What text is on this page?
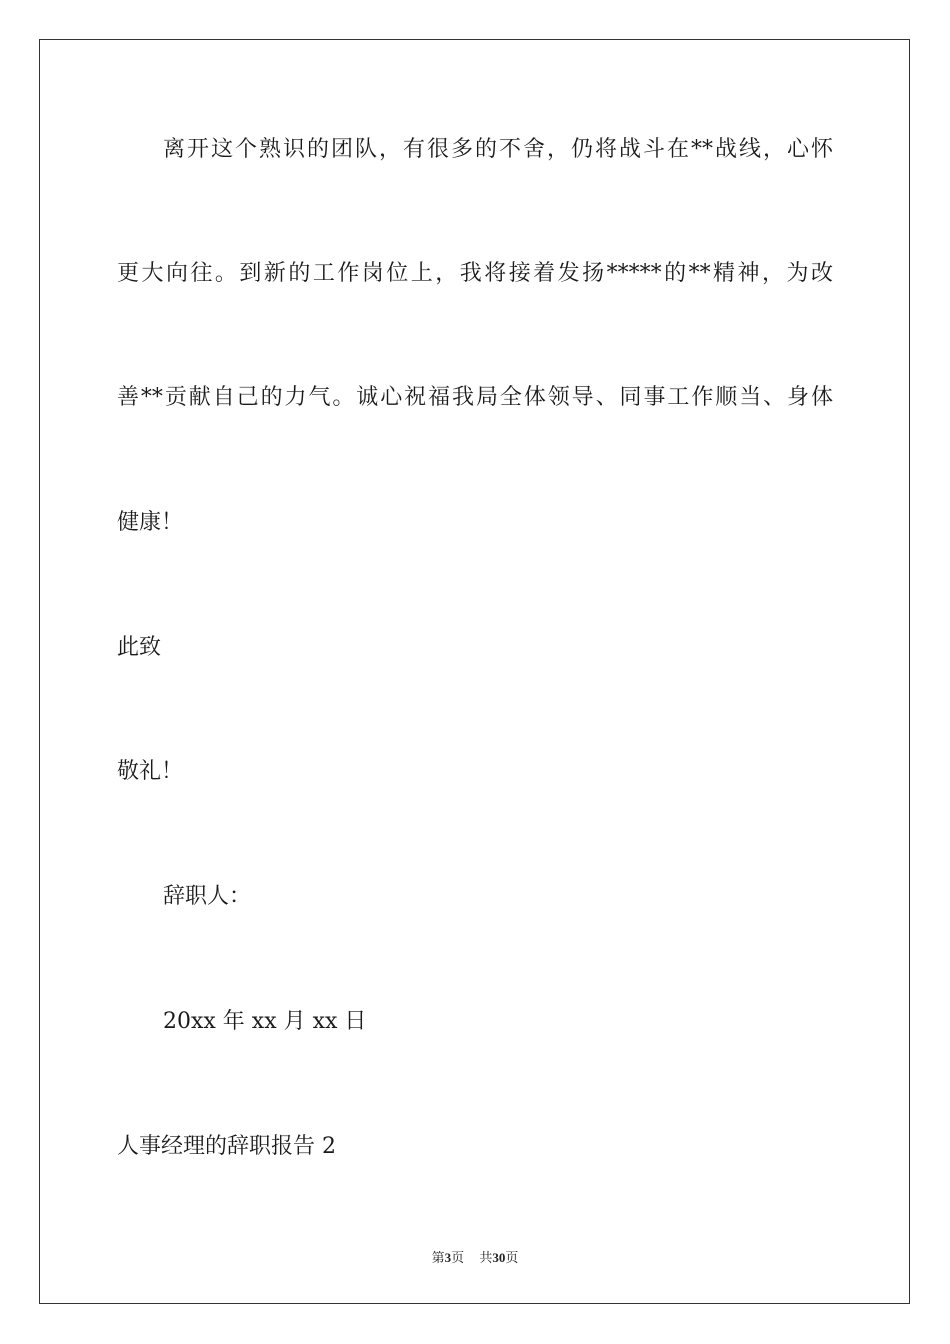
离开这个熟识的团队，有很多的不舍，仍将战斗在**战线，心怀
更大向往。到新的工作岗位上，我将接着发扬*****的**精神，为改
善**贡献自己的力气。诚心祝福我局全体领导、同事工作顺当、身体
健康！
此致
敬礼！
辞职人：
20xx 年 xx 月 xx 日
人事经理的辞职报告 2
第3页 共30页
